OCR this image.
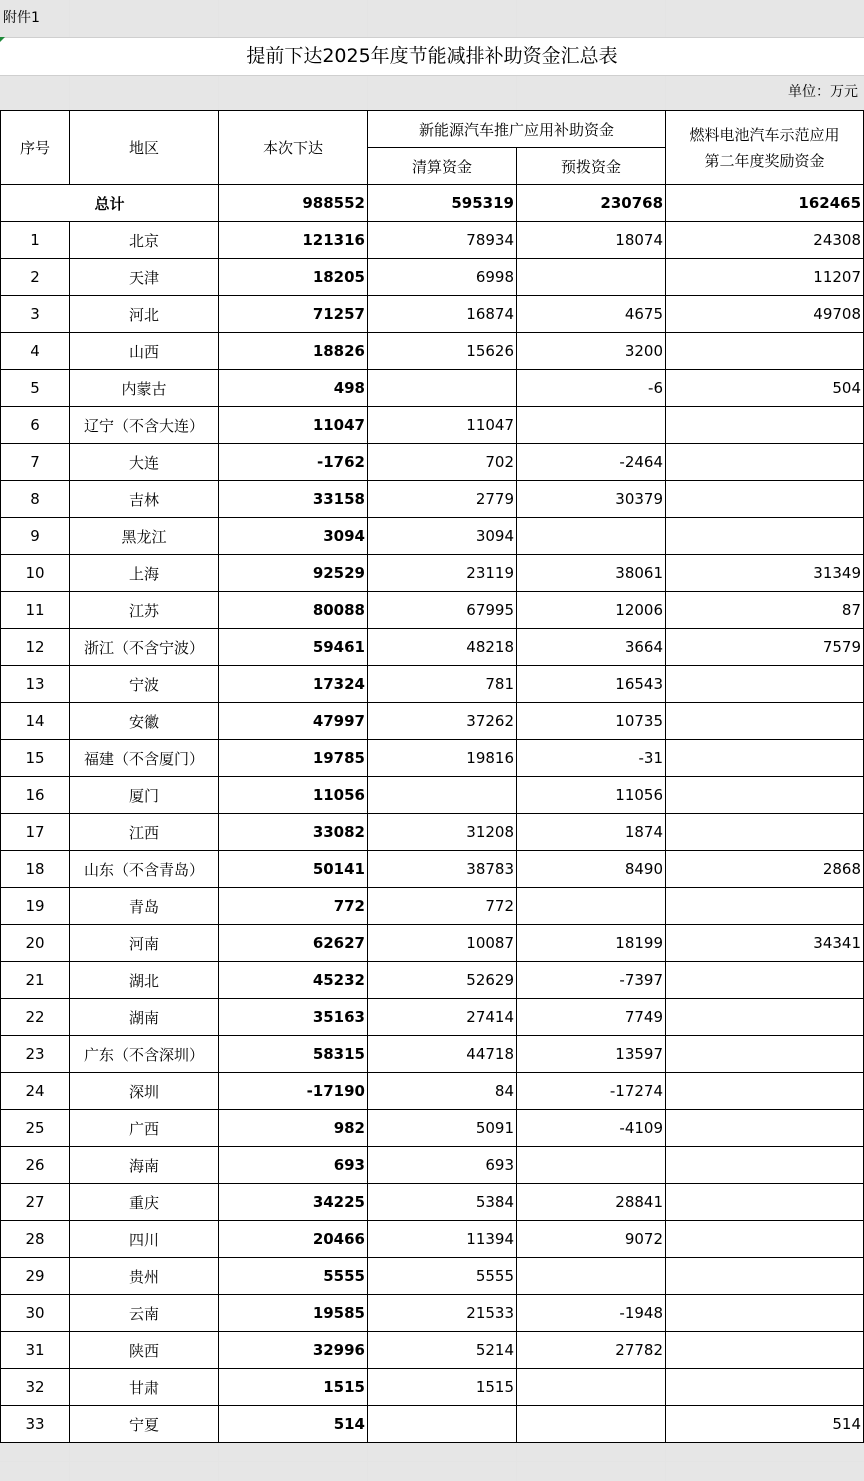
附件1
提前下达2025年度节能减排补助资金汇总表
单位：万元
序号	地区	本次下达	新能源汽车推广应用补助资金		燃料电池汽车示范应用
第二年度奖励资金

			清算资金	预拨资金	
总计		988552	595319	230768	162465
1	北京	121316	78934	18074	24308
2	天津	18205	6998		11207
3	河北	71257	16874	4675	49708
4	山西	18826	15626	3200	
5	内蒙古	498		-6	504
6	辽宁（不含大连）	11047	11047		
7	大连	-1762	702	-2464	
8	吉林	33158	2779	30379	
9	黑龙江	3094	3094		
10	上海	92529	23119	38061	31349
11	江苏	80088	67995	12006	87
12	浙江（不含宁波）	59461	48218	3664	7579
13	宁波	17324	781	16543	
14	安徽	47997	37262	10735	
15	福建（不含厦门）	19785	19816	-31	
16	厦门	11056		11056	
17	江西	33082	31208	1874	
18	山东（不含青岛）	50141	38783	8490	2868
19	青岛	772	772		
20	河南	62627	10087	18199	34341
21	湖北	45232	52629	-7397	
22	湖南	35163	27414	7749	
23	广东（不含深圳）	58315	44718	13597	
24	深圳	-17190	84	-17274	
25	广西	982	5091	-4109	
26	海南	693	693		
27	重庆	34225	5384	28841	
28	四川	20466	11394	9072	
29	贵州	5555	5555		
30	云南	19585	21533	-1948	
31	陕西	32996	5214	27782	
32	甘肃	1515	1515		
33	宁夏	514			514
